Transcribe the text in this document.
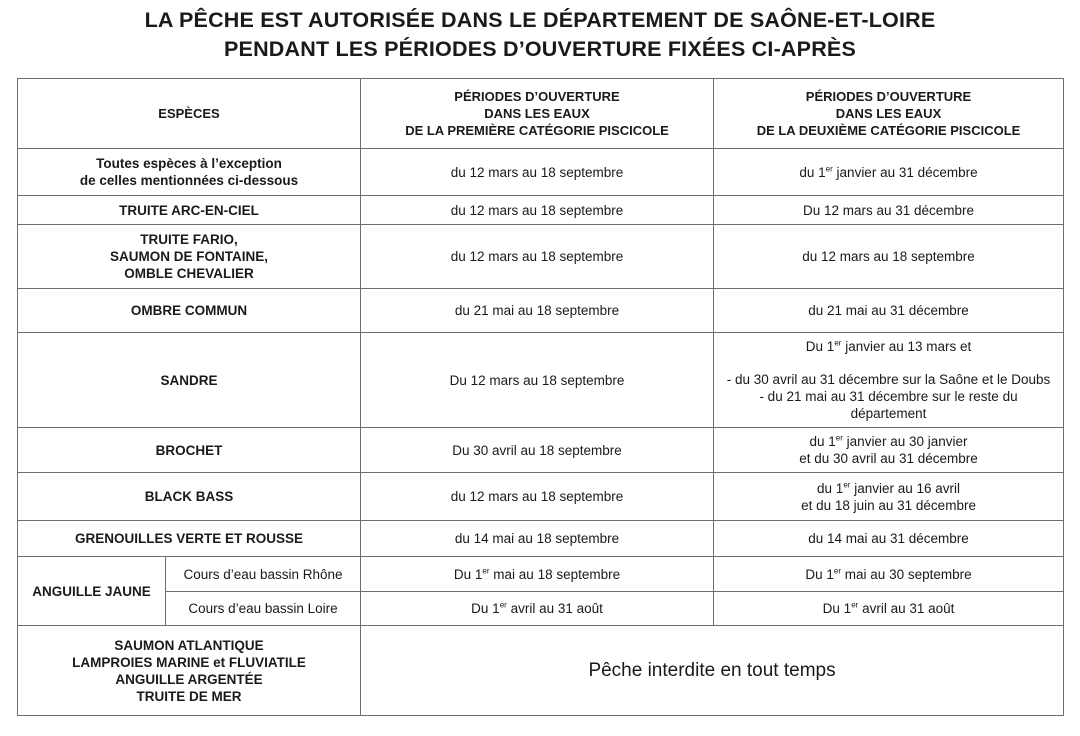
LA PÊCHE EST AUTORISÉE DANS LE DÉPARTEMENT DE SAÔNE-ET-LOIRE
PENDANT LES PÉRIODES D’OUVERTURE FIXÉES CI-APRÈS
ESPÈCES		PÉRIODES D’OUVERTURE
DANS LES EAUX
DE LA PREMIÈRE CATÉGORIE PISCICOLE	PÉRIODES D’OUVERTURE
DANS LES EAUX
DE LA DEUXIÈME CATÉGORIE PISCICOLE

Toutes espèces à l’exception
de celles mentionnées ci-dessous		du 12 mars au 18 septembre	du 1er janvier au 31 décembre
TRUITE ARC-EN-CIEL		du 12 mars au 18 septembre	Du 12 mars au 31 décembre

TRUITE FARIO,
SAUMON DE FONTAINE,
OMBLE CHEVALIER		du 12 mars au 18 septembre	du 12 mars au 18 septembre
OMBRE COMMUN		du 21 mai au 18 septembre	du 21 mai au 31 décembre
SANDRE		Du 12 mars au 18 septembre	Du 1er janvier au 13 mars et
- du 30 avril au 31 décembre sur la Saône et le Doubs
- du 21 mai au 31 décembre sur le reste du
département

BROCHET		Du 30 avril au 18 septembre	du 1er janvier au 30 janvier
et du 30 avril au 31 décembre

BLACK BASS		du 12 mars au 18 septembre	du 1er janvier au 16 avril
et du 18 juin au 31 décembre

GRENOUILLES VERTE ET ROUSSE		du 14 mai au 18 septembre	du 14 mai au 31 décembre
ANGUILLE JAUNE	Cours d’eau bassin Rhône	Du 1er mai au 18 septembre	Du 1er mai au 30 septembre
	Cours d’eau bassin Loire	Du 1er avril au 31 août	Du 1er avril au 31 août

SAUMON ATLANTIQUE
LAMPROIES MARINE et FLUVIATILE
ANGUILLE ARGENTÉE
TRUITE DE MER		Pêche interdite en tout temps	
